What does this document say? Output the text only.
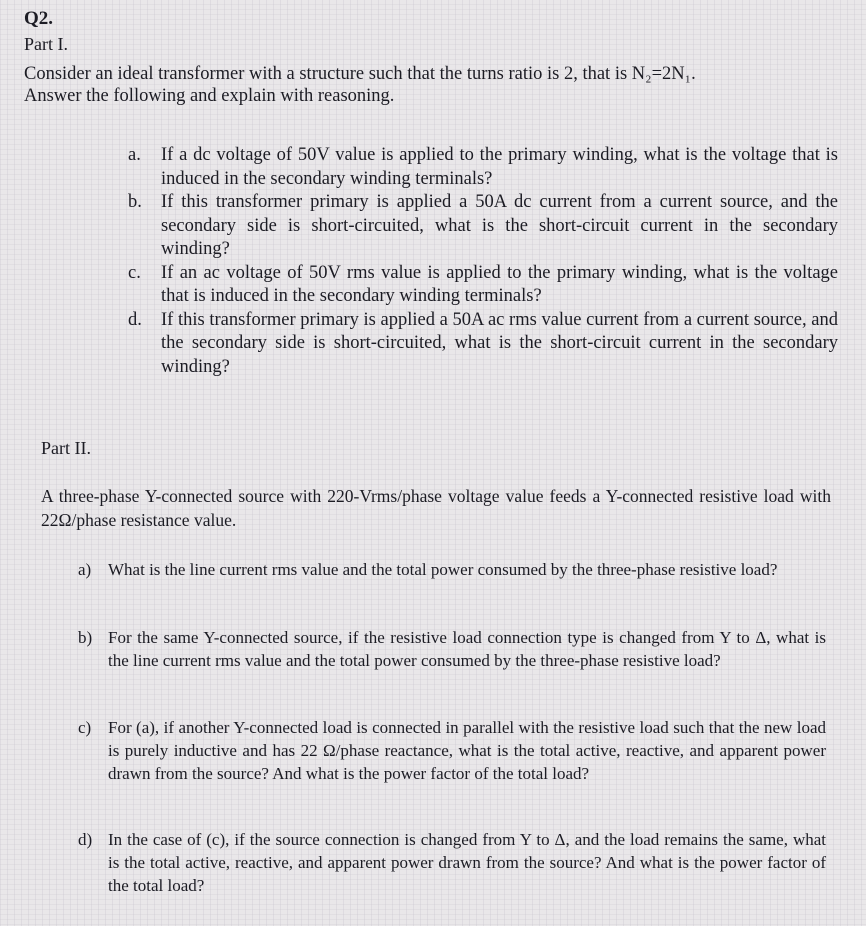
Q2.
Part I.
Consider an ideal transformer with a structure such that the turns ratio is 2, that is N₂=2N₁.
Answer the following and explain with reasoning.
a.	If a dc voltage of 50V value is applied to the primary winding, what is the voltage that is induced in the secondary winding terminals?
b.	If this transformer primary is applied a 50A dc current from a current source, and the secondary side is short-circuited, what is the short-circuit current in the secondary winding?
c.	If an ac voltage of 50V rms value is applied to the primary winding, what is the voltage that is induced in the secondary winding terminals?
d.	If this transformer primary is applied a 50A ac rms value current from a current source, and the secondary side is short-circuited, what is the short-circuit current in the secondary winding?
Part II.
A three-phase Y-connected source with 220-Vrms/phase voltage value feeds a Y-connected resistive load with 22Ω/phase resistance value.
a) What is the line current rms value and the total power consumed by the three-phase resistive load?
b) For the same Y-connected source, if the resistive load connection type is changed from Y to Δ, what is the line current rms value and the total power consumed by the three-phase resistive load?
c) For (a), if another Y-connected load is connected in parallel with the resistive load such that the new load is purely inductive and has 22 Ω/phase reactance, what is the total active, reactive, and apparent power drawn from the source? And what is the power factor of the total load?
d) In the case of (c), if the source connection is changed from Y to Δ, and the load remains the same, what is the total active, reactive, and apparent power drawn from the source? And what is the power factor of the total load?
